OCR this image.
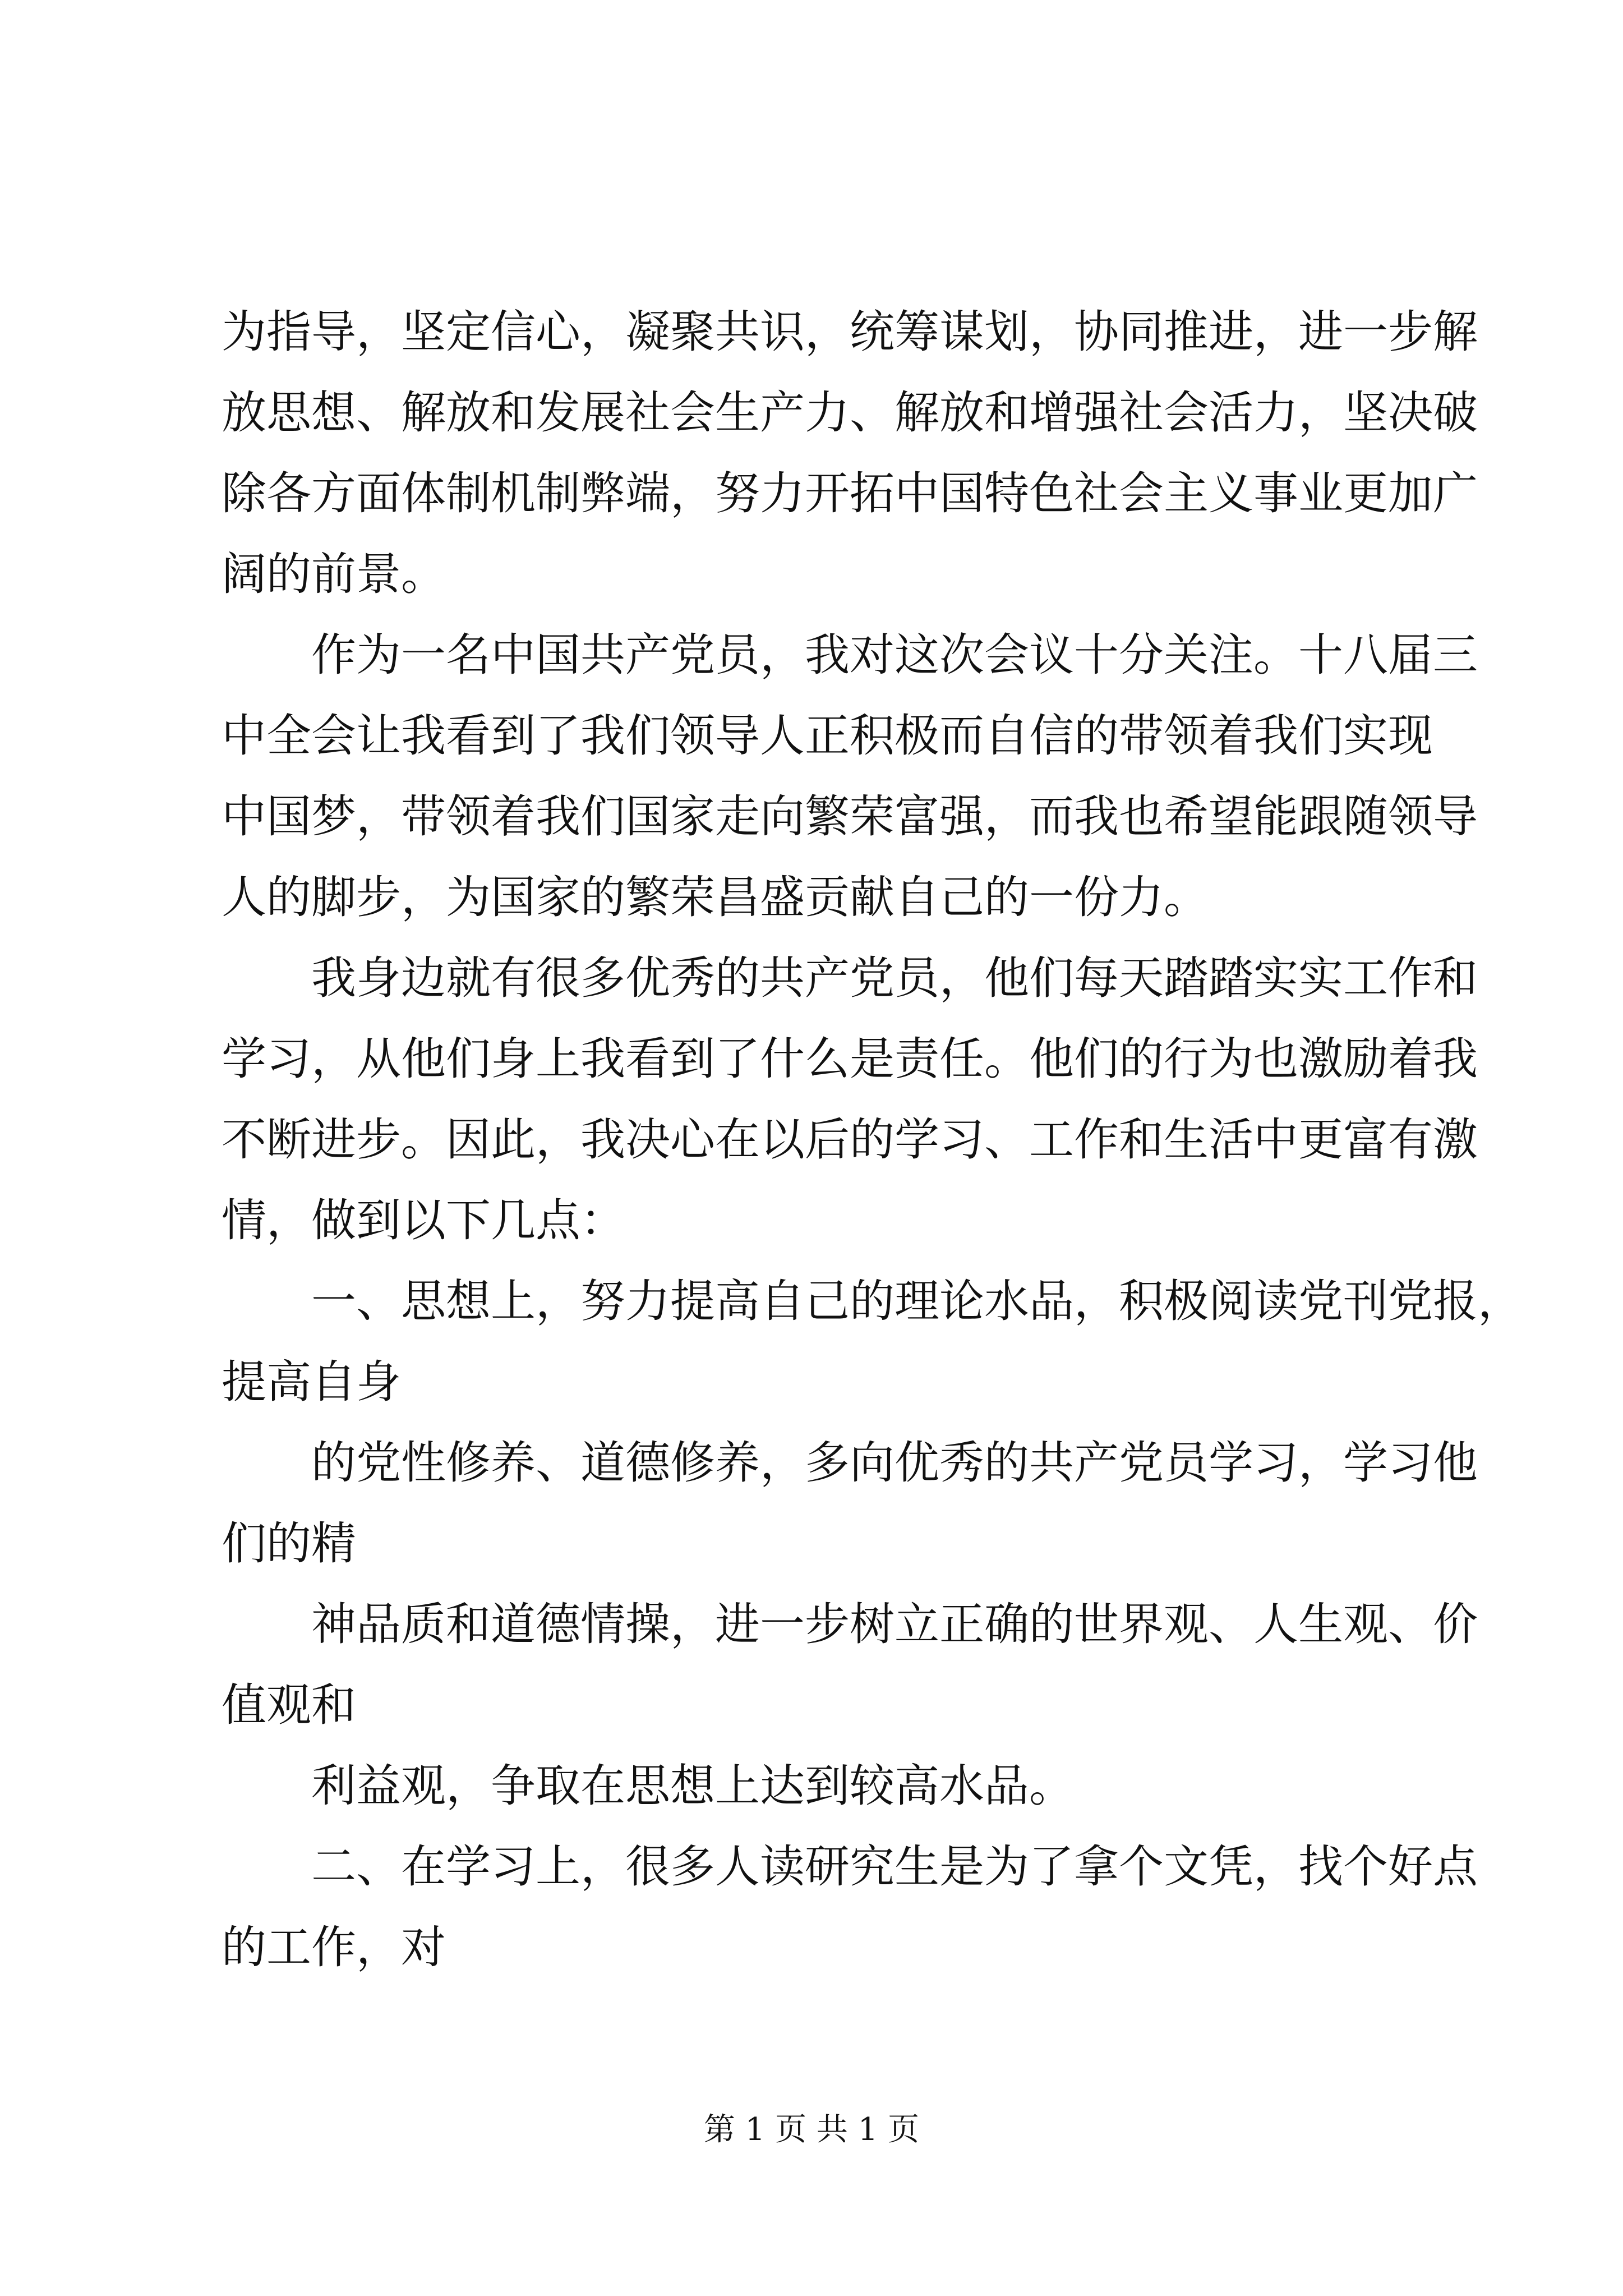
为指导，坚定信心，凝聚共识，统筹谋划，协同推进，进一步解
放思想、解放和发展社会生产力、解放和增强社会活力，坚决破
除各方面体制机制弊端，努力开拓中国特色社会主义事业更加广
阔的前景。
作为一名中国共产党员，我对这次会议十分关注。十八届三
中全会让我看到了我们领导人正积极而自信的带领着我们实现
中国梦，带领着我们国家走向繁荣富强，而我也希望能跟随领导
人的脚步，为国家的繁荣昌盛贡献自己的一份力。
我身边就有很多优秀的共产党员，他们每天踏踏实实工作和
学习，从他们身上我看到了什么是责任。他们的行为也激励着我
不断进步。因此，我决心在以后的学习、工作和生活中更富有激
情，做到以下几点：
一、思想上，努力提高自己的理论水品，积极阅读党刊党报，
提高自身
的党性修养、道德修养，多向优秀的共产党员学习，学习他
们的精
神品质和道德情操，进一步树立正确的世界观、人生观、价
值观和
利益观，争取在思想上达到较高水品。
二、在学习上，很多人读研究生是为了拿个文凭，找个好点
的工作，对
第 1 页 共 1 页
